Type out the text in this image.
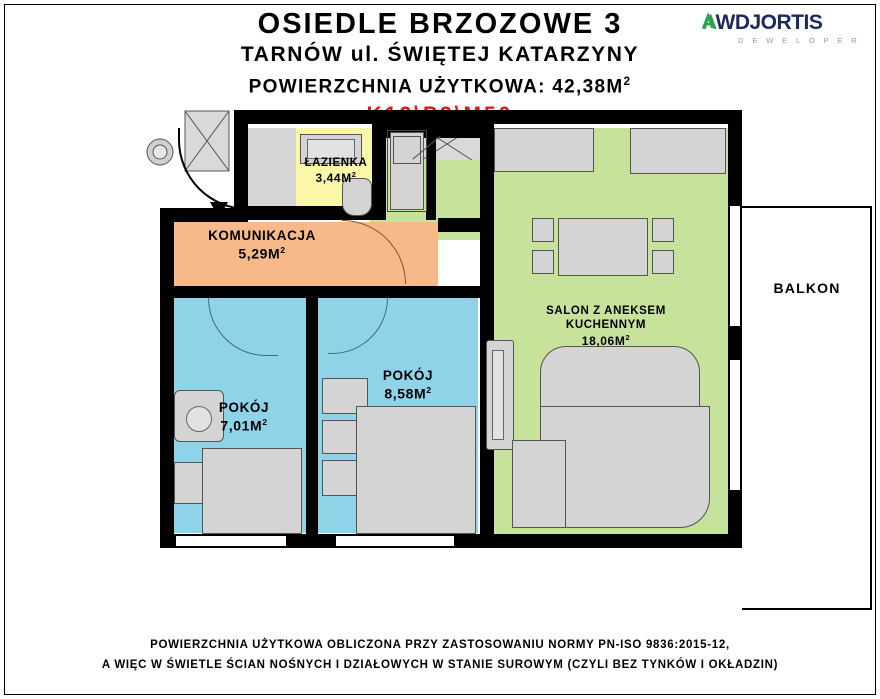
OSIEDLE BRZOZOWE 3
TARNÓW ul. ŚWIĘTEJ KATARZYNY
POWIERZCHNIA UŻYTKOWA: $42,38M^2$
AWDJORTIS
D E W E L O P E R

ŁAZIENKA
$3,44M^2$
KOMUNIKACJA
$5,29M^2$
POKÓJ
$7,01M^2$
POKÓJ
$8,58M^2$
SALON Z ANEKSEM
KUCHENNYM
$18,06M^2$
BALKON
POWIERZCHNIA UŻYTKOWA OBLICZONA PRZY ZASTOSOWANIU NORMY PN-ISO 9836:2015-12,
A WIĘC W ŚWIETLE ŚCIAN NOŚNYCH I DZIAŁOWYCH W STANIE SUROWYM (CZYLI BEZ TYNKÓW I OKŁADZIN)
